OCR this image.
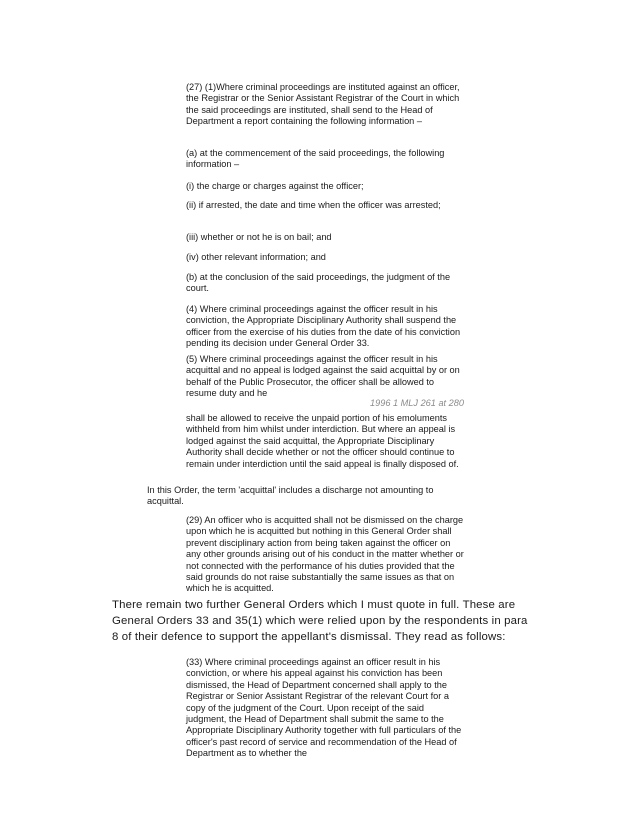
(27) (1)Where criminal proceedings are instituted against an officer, the Registrar or the Senior Assistant Registrar of the Court in which the said proceedings are instituted, shall send to the Head of Department a report containing the following information –

(a) at the commencement of the said proceedings, the following information –

(i) the charge or charges against the officer;

(ii) if arrested, the date and time when the officer was arrested;

(iii) whether or not he is on bail; and

(iv) other relevant information; and

(b) at the conclusion of the said proceedings, the judgment of the court.

(4) Where criminal proceedings against the officer result in his conviction, the Appropriate Disciplinary Authority shall suspend the officer from the exercise of his duties from the date of his conviction pending its decision under General Order 33.

(5) Where criminal proceedings against the officer result in his acquittal and no appeal is lodged against the said acquittal by or on behalf of the Public Prosecutor, the officer shall be allowed to resume duty and he

1996 1 MLJ 261 at 280

shall be allowed to receive the unpaid portion of his emoluments withheld from him whilst under interdiction. But where an appeal is lodged against the said acquittal, the Appropriate Disciplinary Authority shall decide whether or not the officer should continue to remain under interdiction until the said appeal is finally disposed of.

In this Order, the term 'acquittal' includes a discharge not amounting to acquittal.

(29) An officer who is acquitted shall not be dismissed on the charge upon which he is acquitted but nothing in this General Order shall prevent disciplinary action from being taken against the officer on any other grounds arising out of his conduct in the matter whether or not connected with the performance of his duties provided that the said grounds do not raise substantially the same issues as that on which he is acquitted.

There remain two further General Orders which I must quote in full. These are General Orders 33 and 35(1) which were relied upon by the respondents in para 8 of their defence to support the appellant's dismissal. They read as follows:

(33) Where criminal proceedings against an officer result in his conviction, or where his appeal against his conviction has been dismissed, the Head of Department concerned shall apply to the Registrar or Senior Assistant Registrar of the relevant Court for a copy of the judgment of the Court. Upon receipt of the said judgment, the Head of Department shall submit the same to the Appropriate Disciplinary Authority together with full particulars of the officer's past record of service and recommendation of the Head of Department as to whether the
